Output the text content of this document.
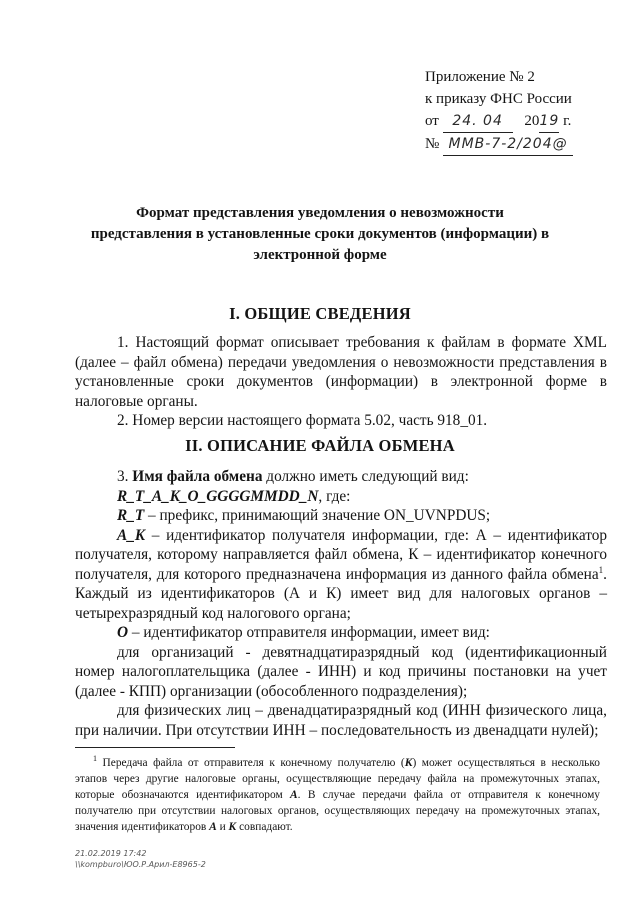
Приложение № 2
к приказу ФНС России
от 24. 04 2019 г.
№ ММВ-7-2/204@
Формат представления уведомления о невозможности представления в установленные сроки документов (информации) в электронной форме
I. ОБЩИЕ СВЕДЕНИЯ

1. Настоящий формат описывает требования к файлам в формате XML (далее – файл обмена) передачи уведомления о невозможности представления в установленные сроки документов (информации) в электронной форме в налоговые органы.

2. Номер версии настоящего формата 5.02, часть 918_01.

II. ОПИСАНИЕ ФАЙЛА ОБМЕНА

3. Имя файла обмена должно иметь следующий вид:

R_T_A_K_O_GGGGMMDD_N, где:

R_T – префикс, принимающий значение ON_UVNPDUS;

A_K – идентификатор получателя информации, где: А – идентификатор получателя, которому направляется файл обмена, К – идентификатор конечного получателя, для которого предназначена информация из данного файла обмена$^1$. Каждый из идентификаторов (А и К) имеет вид для налоговых органов – четырехразрядный код налогового органа;

O – идентификатор отправителя информации, имеет вид:

для организаций - девятнадцатиразрядный код (идентификационный номер налогоплательщика (далее - ИНН) и код причины постановки на учет (далее - КПП) организации (обособленного подразделения);

для физических лиц – двенадцатиразрядный код (ИНН физического лица, при наличии. При отсутствии ИНН – последовательность из двенадцати нулей);

$^1$ Передача файла от отправителя к конечному получателю (К) может осуществляться в несколько этапов через другие налоговые органы, осуществляющие передачу файла на промежуточных этапах, которые обозначаются идентификатором А. В случае передачи файла от отправителя к конечному получателю при отсутствии налоговых органов, осуществляющих передачу на промежуточных этапах, значения идентификаторов А и К совпадают.
21.02.2019 17:42
\\kompburo\ЮО.Р.Арил-Е8965-2
